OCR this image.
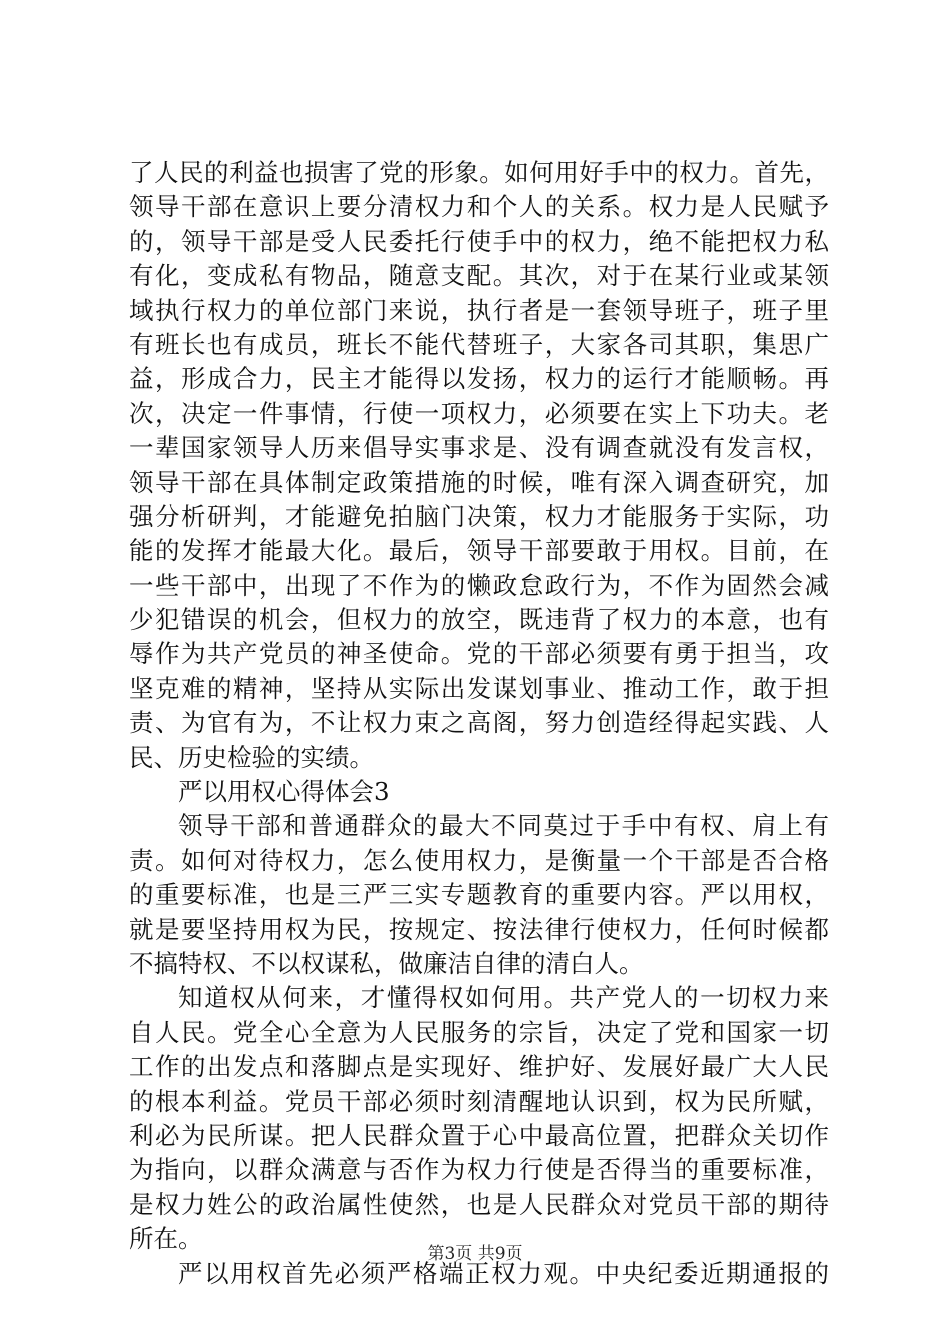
了人民的利益也损害了党的形象。如何用好手中的权力。首先，
领导干部在意识上要分清权力和个人的关系。权力是人民赋予
的，领导干部是受人民委托行使手中的权力，绝不能把权力私
有化，变成私有物品，随意支配。其次，对于在某行业或某领
域执行权力的单位部门来说，执行者是一套领导班子，班子里
有班长也有成员，班长不能代替班子，大家各司其职，集思广
益，形成合力，民主才能得以发扬，权力的运行才能顺畅。再
次，决定一件事情，行使一项权力，必须要在实上下功夫。老
一辈国家领导人历来倡导实事求是、没有调查就没有发言权，
领导干部在具体制定政策措施的时候，唯有深入调查研究，加
强分析研判，才能避免拍脑门决策，权力才能服务于实际，功
能的发挥才能最大化。最后，领导干部要敢于用权。目前，在
一些干部中，出现了不作为的懒政怠政行为，不作为固然会减
少犯错误的机会，但权力的放空，既违背了权力的本意，也有
辱作为共产党员的神圣使命。党的干部必须要有勇于担当，攻
坚克难的精神，坚持从实际出发谋划事业、推动工作，敢于担
责、为官有为，不让权力束之高阁，努力创造经得起实践、人
民、历史检验的实绩。
严以用权心得体会3
领导干部和普通群众的最大不同莫过于手中有权、肩上有
责。如何对待权力，怎么使用权力，是衡量一个干部是否合格
的重要标准，也是三严三实专题教育的重要内容。严以用权，
就是要坚持用权为民，按规定、按法律行使权力，任何时候都
不搞特权、不以权谋私，做廉洁自律的清白人。
知道权从何来，才懂得权如何用。共产党人的一切权力来
自人民。党全心全意为人民服务的宗旨，决定了党和国家一切
工作的出发点和落脚点是实现好、维护好、发展好最广大人民
的根本利益。党员干部必须时刻清醒地认识到，权为民所赋，
利必为民所谋。把人民群众置于心中最高位置，把群众关切作
为指向，以群众满意与否作为权力行使是否得当的重要标准，
是权力姓公的政治属性使然，也是人民群众对党员干部的期待
所在。
严以用权首先必须严格端正权力观。中央纪委近期通报的
第3页 共9页
